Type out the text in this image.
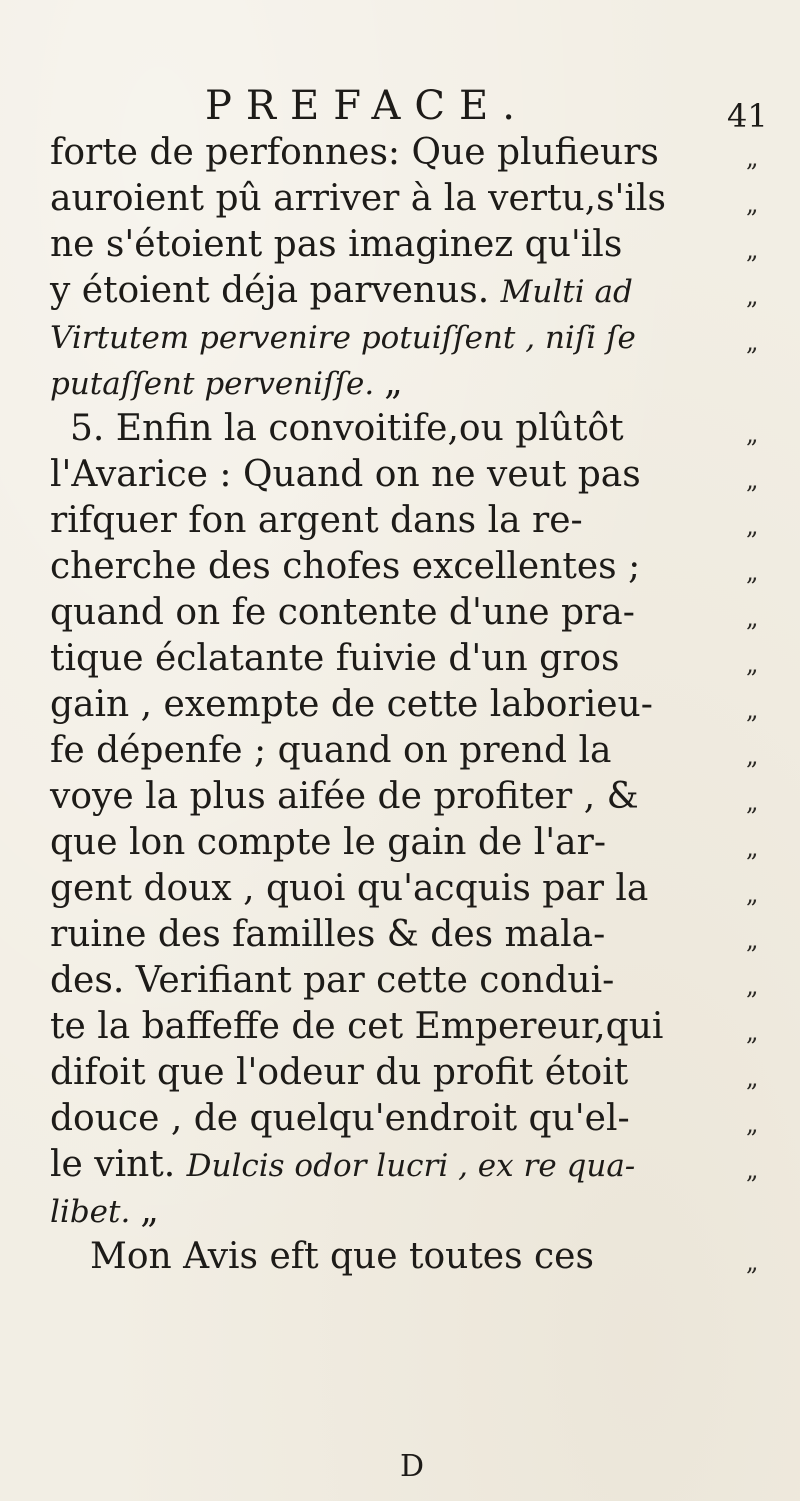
PREFACE.	41
forte de perfonnes: Que plufieurs
auroient pû arriver à la vertu,s'ils
ne s'étoient pas imaginez qu'ils
y étoient déja parvenus. Multi ad
Virtutem pervenire potuiſſent , niſi ſe
putaſſent perveniſſe. „
5. Enfin la convoitife,ou plûtôt
l'Avarice : Quand on ne veut pas
rifquer fon argent dans la re-
cherche des chofes excellentes ;
quand on fe contente d'une pra-
tique éclatante fuivie d'un gros
gain , exempte de cette laborieu-
fe dépenfe ; quand on prend la
voye la plus aifée de profiter , &
que lon compte le gain de l'ar-
gent doux , quoi qu'acquis par la
ruine des familles & des mala-
des. Verifiant par cette condui-
te la baffeffe de cet Empereur,qui
difoit que l'odeur du profit étoit
douce , de quelqu'endroit qu'el-
le vint. Dulcis odor lucri , ex re qua-
libet. „
Mon Avis eft que toutes ces
„
„
„
„
„
„
„
„
„
„
„
„
„
„
„
„
„
„
„
„
„
„
„
D
